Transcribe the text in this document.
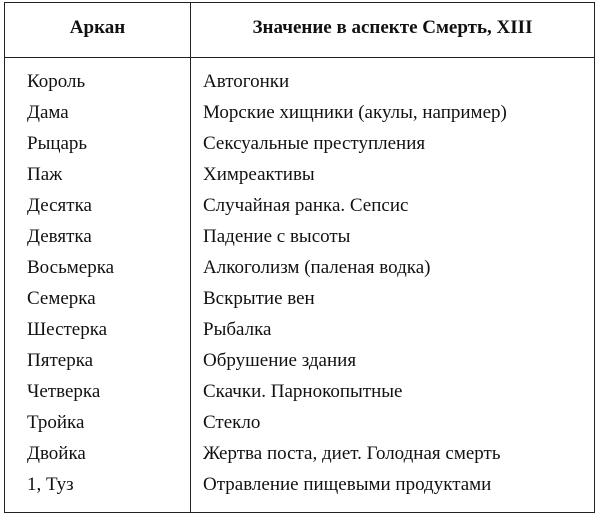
Аркан	Значение в аспекте Смерть, XIII
Король	Автогонки
Дама	Морские хищники (акулы, например)
Рыцарь	Сексуальные преступления
Паж	Химреактивы
Десятка	Случайная ранка. Сепсис
Девятка	Падение с высоты
Восьмерка	Алкоголизм (паленая водка)
Семерка	Вскрытие вен
Шестерка	Рыбалка
Пятерка	Обрушение здания
Четверка	Скачки. Парнокопытные
Тройка	Стекло
Двойка	Жертва поста, диет. Голодная смерть
1, Туз	Отравление пищевыми продуктами
